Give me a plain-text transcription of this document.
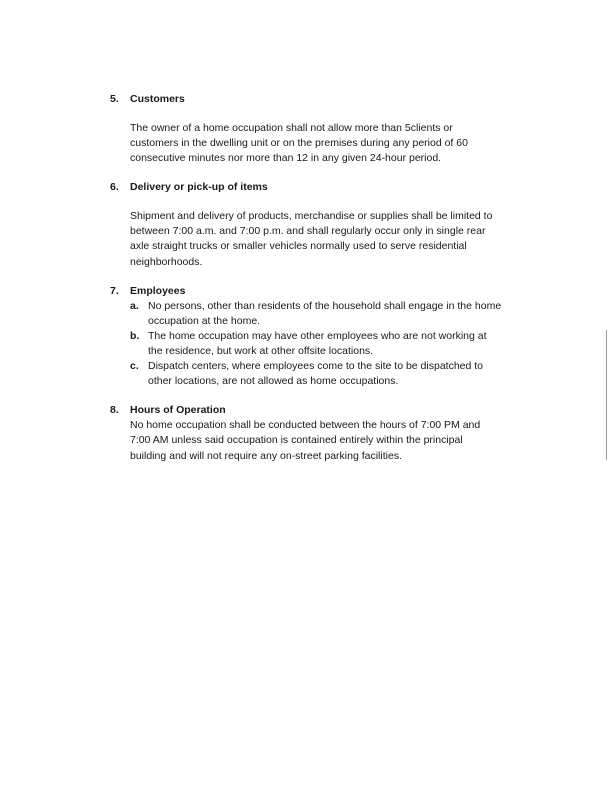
5. Customers
The owner of a home occupation shall not allow more than 5clients or
customers in the dwelling unit or on the premises during any period of 60
consecutive minutes nor more than 12 in any given 24-hour period.
6. Delivery or pick-up of items
Shipment and delivery of products, merchandise or supplies shall be limited to
between 7:00 a.m. and 7:00 p.m. and shall regularly occur only in single rear
axle straight trucks or smaller vehicles normally used to serve residential
neighborhoods.
7. Employees
a. No persons, other than residents of the household shall engage in the home
occupation at the home.
b. The home occupation may have other employees who are not working at
the residence, but work at other offsite locations.
c. Dispatch centers, where employees come to the site to be dispatched to
other locations, are not allowed as home occupations.
8. Hours of Operation
No home occupation shall be conducted between the hours of 7:00 PM and
7:00 AM unless said occupation is contained entirely within the principal
building and will not require any on-street parking facilities.
